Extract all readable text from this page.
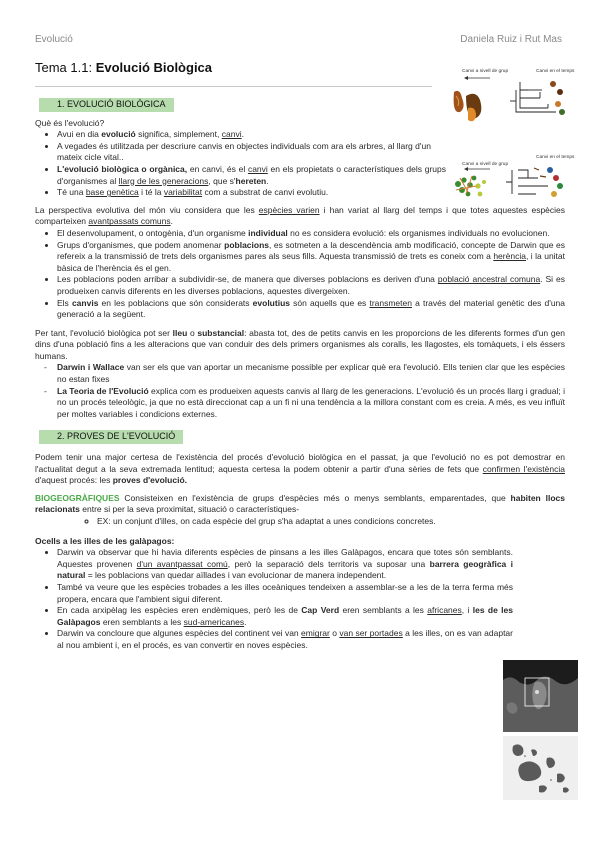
Evolució	Daniela Ruiz i Rut Mas
Tema 1.1: Evolució Biològica	Canvi a nivell de grup	Canvi en el temps
Canvi a nivell de grup
Canvi en el temps
1. EVOLUCIÓ BIOLÒGICA

Què és l'evolució?

• Avui en dia evolució significa, simplement, canvi.
• A vegades és utilitzada per descriure canvis en objectes individuals com ara els arbres, al llarg d'un mateix cicle vital..
• L'evolució biològica o orgànica, en canvi, és el canvi en els propietats o característiques dels grups d'organismes al llarg de les generacions, que s'hereten.
• Té una base genètica i té la variabilitat com a substrat de canvi evolutiu.

La perspectiva evolutiva del món viu considera que les espècies varien i han variat al llarg del temps i que totes aquestes espècies comparteixen avantpassats comuns.

• El desenvolupament, o ontogènia, d'un organisme individual no es considera evolució: els organismes individuals no evolucionen.
• Grups d'organismes, que podem anomenar poblacions, es sotmeten a la descendència amb modificació, concepte de Darwin que es refereix a la transmissió de trets dels organismes pares als seus fills. Aquesta transmissió de trets es coneix com a herència, i la unitat bàsica de l'herència és el gen.
• Les poblacions poden arribar a subdividir-se, de manera que diverses poblacions es deriven d'una població ancestral comuna. Si es produeixen canvis diferents en les diverses poblacions, aquestes divergeixen.
• Els canvis en les poblacions que són considerats evolutius són aquells que es transmeten a través del material genètic des d'una generació a la següent.

Per tant, l'evolució biològica pot ser lleu o substancial: abasta tot, des de petits canvis en les proporcions de les diferents formes d'un gen dins d'una població fins a les alteracions que van conduir des dels primers organismes als coralls, les llagostes, els tomàquets, i els éssers humans.

- Darwin i Wallace van ser els que van aportar un mecanisme possible per explicar què era l'evolució. Ells tenien clar que les espècies no estan fixes
- La Teoria de l'Evolució explica com es produeixen aquests canvis al llarg de les generacions. L'evolució és un procés llarg i gradual; i no un procés teleològic, ja que no està direccionat cap a un fi ni una tendència a la millora constant com es creia. A més, es veu influït per moltes variables i condicions externes.
2. PROVES DE L'EVOLUCIÓ

Podem tenir una major certesa de l'existència del procés d'evolució biològica en el passat, ja que l'evolució no es pot demostrar en l'actualitat degut a la seva extremada lentitud; aquesta certesa la podem obtenir a partir d'una sèries de fets que confirmen l'existència d'aquest procés: les proves d'evolució.

BIOGEOGRÀFIQUES Consisteixen en l'existència de grups d'espècies més o menys semblants, emparentades, que habiten llocs relacionats entre si per la seva proximitat, situació o característiques-

◦ EX: un conjunt d'illes, on cada espècie del grup s'ha adaptat a unes condicions concretes.

Ocells a les illes de les galàpagos:

• Darwin va observar que hi havia diferents espècies de pinsans a les illes Galàpagos, encara que totes són semblants. Aquestes provenen d'un avantpassat comú, però la separació dels territoris va suposar una barrera geogràfica i natural = les poblacions van quedar aïllades i van evolucionar de manera independent.
• També va veure que les espècies trobades a les illes oceàniques tendeixen a assemblar-se a les de la terra ferma més propera, encara que l'ambient sigui diferent.
• En cada arxipèlag les espècies eren endèmiques, però les de Cap Verd eren semblants a les africanes, i les de les Galàpagos eren semblants a les sud-americanes.
• Darwin va concloure que algunes espècies del continent vei van emigrar o van ser portades a les illes, on es van adaptar al nou ambient i, en el procés, es van convertir en noves espècies.
